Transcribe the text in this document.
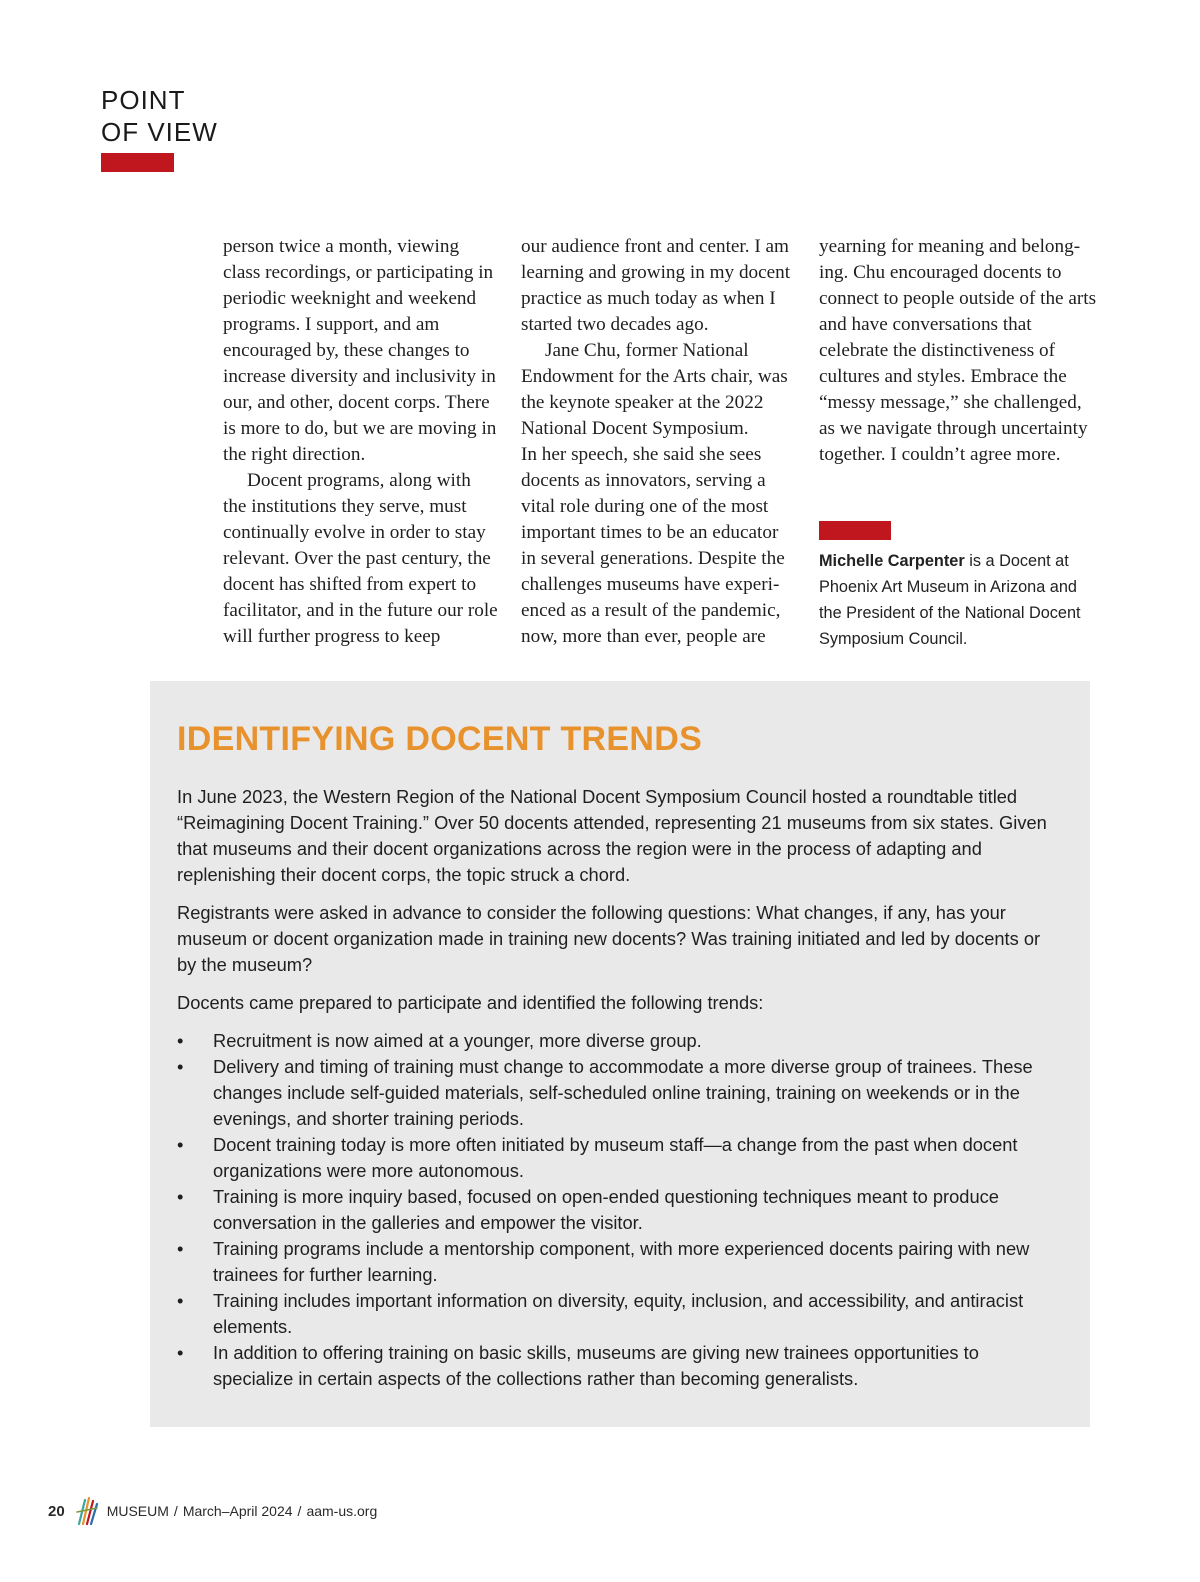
POINT
OF VIEW

person twice a month, viewing class recordings, or participating in periodic weeknight and weekend programs. I support, and am encouraged by, these changes to increase diversity and inclusivity in our, and other, docent corps. There is more to do, but we are moving in the right direction.

Docent programs, along with the institutions they serve, must continually evolve in order to stay relevant. Over the past century, the docent has shifted from expert to facilitator, and in the future our role will further progress to keep

our audience front and center. I am learning and growing in my docent practice as much today as when I started two decades ago.

Jane Chu, former National Endowment for the Arts chair, was the keynote speaker at the 2022 National Docent Symposium.

In her speech, she said she sees docents as innovators, serving a vital role during one of the most important times to be an educator in several generations. Despite the challenges museums have experienced as a result of the pandemic, now, more than ever, people are

yearning for meaning and belonging. Chu encouraged docents to connect to people outside of the arts and have conversations that celebrate the distinctiveness of cultures and styles. Embrace the “messy message,” she challenged, as we navigate through uncertainty together. I couldn’t agree more.

Michelle Carpenter is a Docent at Phoenix Art Museum in Arizona and the President of the National Docent Symposium Council.
IDENTIFYING DOCENT TRENDS

In June 2023, the Western Region of the National Docent Symposium Council hosted a roundtable titled “Reimagining Docent Training.” Over 50 docents attended, representing 21 museums from six states. Given that museums and their docent organizations across the region were in the process of adapting and replenishing their docent corps, the topic struck a chord.

Registrants were asked in advance to consider the following questions: What changes, if any, has your museum or docent organization made in training new docents? Was training initiated and led by docents or by the museum?

Docents came prepared to participate and identified the following trends:

• Recruitment is now aimed at a younger, more diverse group.
• Delivery and timing of training must change to accommodate a more diverse group of trainees. These changes include self-guided materials, self-scheduled online training, training on weekends or in the evenings, and shorter training periods.
• Docent training today is more often initiated by museum staff—a change from the past when docent organizations were more autonomous.
• Training is more inquiry based, focused on open-ended questioning techniques meant to produce conversation in the galleries and empower the visitor.
• Training programs include a mentorship component, with more experienced docents pairing with new trainees for further learning.
• Training includes important information on diversity, equity, inclusion, and accessibility, and antiracist elements.
• In addition to offering training on basic skills, museums are giving new trainees opportunities to specialize in certain aspects of the collections rather than becoming generalists.
20	MUSEUM / March–April 2024 / aam-us.org
